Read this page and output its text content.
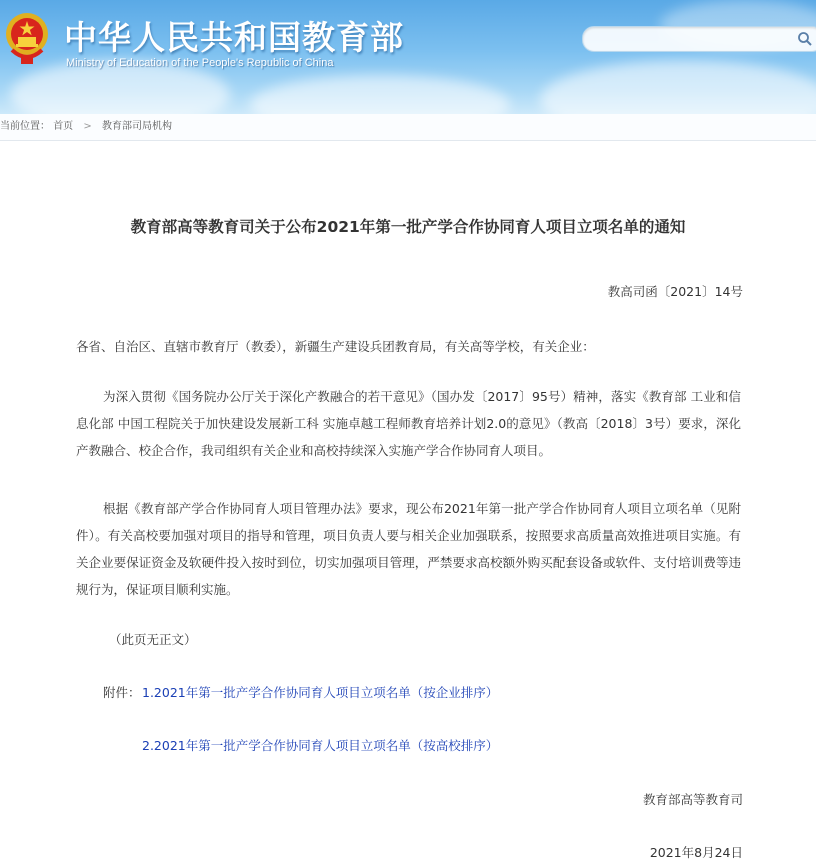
中华人民共和国教育部
Ministry of Education of the People's Republic of China
当前位置： 首页 > 教育部司局机构
教育部高等教育司关于公布2021年第一批产学合作协同育人项目立项名单的通知
教高司函〔2021〕14号
各省、自治区、直辖市教育厅（教委），新疆生产建设兵团教育局，有关高等学校，有关企业：
为深入贯彻《国务院办公厅关于深化产教融合的若干意见》（国办发〔2017〕95号）精神，落实《教育部 工业和信息化部 中国工程院关于加快建设发展新工科 实施卓越工程师教育培养计划2.0的意见》（教高〔2018〕3号）要求，深化产教融合、校企合作，我司组织有关企业和高校持续深入实施产学合作协同育人项目。
根据《教育部产学合作协同育人项目管理办法》要求，现公布2021年第一批产学合作协同育人项目立项名单（见附件）。有关高校要加强对项目的指导和管理，项目负责人要与相关企业加强联系，按照要求高质量高效推进项目实施。有关企业要保证资金及软硬件投入按时到位，切实加强项目管理，严禁要求高校额外购买配套设备或软件、支付培训费等违规行为，保证项目顺利实施。
（此页无正文）
附件： 1.2021年第一批产学合作协同育人项目立项名单（按企业排序）
2.2021年第一批产学合作协同育人项目立项名单（按高校排序）
教育部高等教育司
2021年8月24日
